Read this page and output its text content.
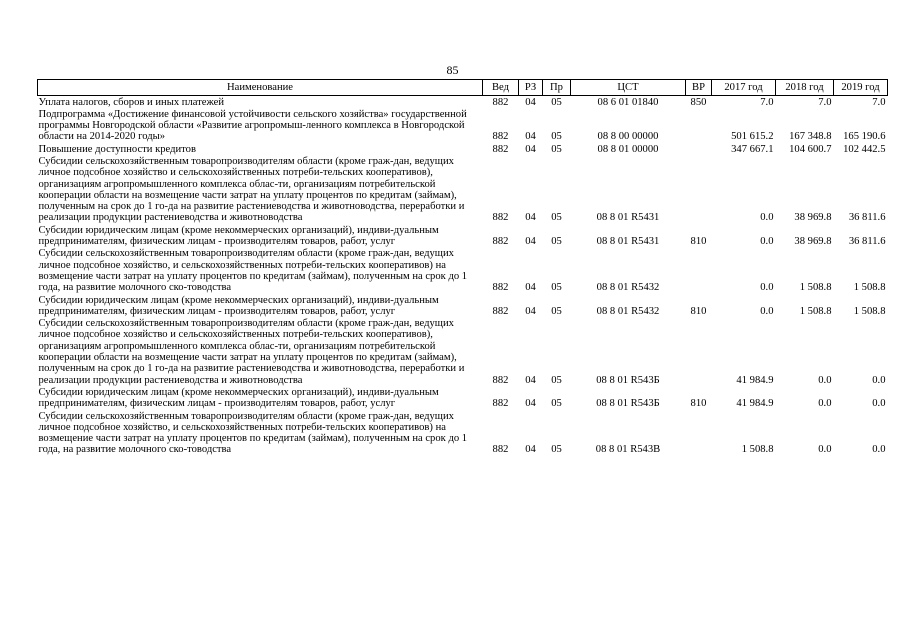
85
Наименование	Вед	РЗ	Пр	ЦСТ	ВР	2017 год	2018 год	2019 год
Уплата налогов, сборов и иных платежей	882	04	05	08 6 01 01840	850	7.0	7.0	7.0
Подпрограмма «Достижение финансовой устойчивости сельского хозяйства» государственной программы Новгородской области «Развитие агропромыш-ленного комплекса в Новгородской области на 2014-2020 годы»	882	04	05	08 8 00 00000		501 615.2	167 348.8	165 190.6
Повышение доступности кредитов	882	04	05	08 8 01 00000		347 667.1	104 600.7	102 442.5
Субсидии сельскохозяйственным товаропроизводителям области (кроме граж-дан, ведущих личное подсобное хозяйство и сельскохозяйственных потреби-тельских кооперативов), организациям агропромышленного комплекса облас-ти, организациям потребительской кооперации области на возмещение части затрат на уплату процентов по кредитам (займам), полученным на срок до 1 го-да на развитие растениеводства и животноводства, переработки и реализации продукции растениеводства и животноводства	882	04	05	08 8 01 R5431		0.0	38 969.8	36 811.6
Субсидии юридическим лицам (кроме некоммерческих организаций), индиви-дуальным предпринимателям, физическим лицам - производителям товаров, работ, услуг	882	04	05	08 8 01 R5431	810	0.0	38 969.8	36 811.6
Субсидии сельскохозяйственным товаропроизводителям области (кроме граж-дан, ведущих личное подсобное хозяйство, и сельскохозяйственных потреби-тельских кооперативов) на возмещение части затрат на уплату процентов по кредитам (займам), полученным на срок до 1 года, на развитие молочного ско-товодства	882	04	05	08 8 01 R5432		0.0	1 508.8	1 508.8
Субсидии юридическим лицам (кроме некоммерческих организаций), индиви-дуальным предпринимателям, физическим лицам - производителям товаров, работ, услуг	882	04	05	08 8 01 R5432	810	0.0	1 508.8	1 508.8
Субсидии сельскохозяйственным товаропроизводителям области (кроме граж-дан, ведущих личное подсобное хозяйство и сельскохозяйственных потреби-тельских кооперативов), организациям агропромышленного комплекса облас-ти, организациям потребительской кооперации области на возмещение части затрат на уплату процентов по кредитам (займам), полученным на срок до 1 го-да на развитие растениеводства и животноводства, переработки и реализации продукции растениеводства и животноводства	882	04	05	08 8 01 R543Б		41 984.9	0.0	0.0
Субсидии юридическим лицам (кроме некоммерческих организаций), индиви-дуальным предпринимателям, физическим лицам - производителям товаров, работ, услуг	882	04	05	08 8 01 R543Б	810	41 984.9	0.0	0.0
Субсидии сельскохозяйственным товаропроизводителям области (кроме граж-дан, ведущих личное подсобное хозяйство, и сельскохозяйственных потреби-тельских кооперативов) на возмещение части затрат на уплату процентов по кредитам (займам), полученным на срок до 1 года, на развитие молочного ско-товодства	882	04	05	08 8 01 R543В		1 508.8	0.0	0.0
